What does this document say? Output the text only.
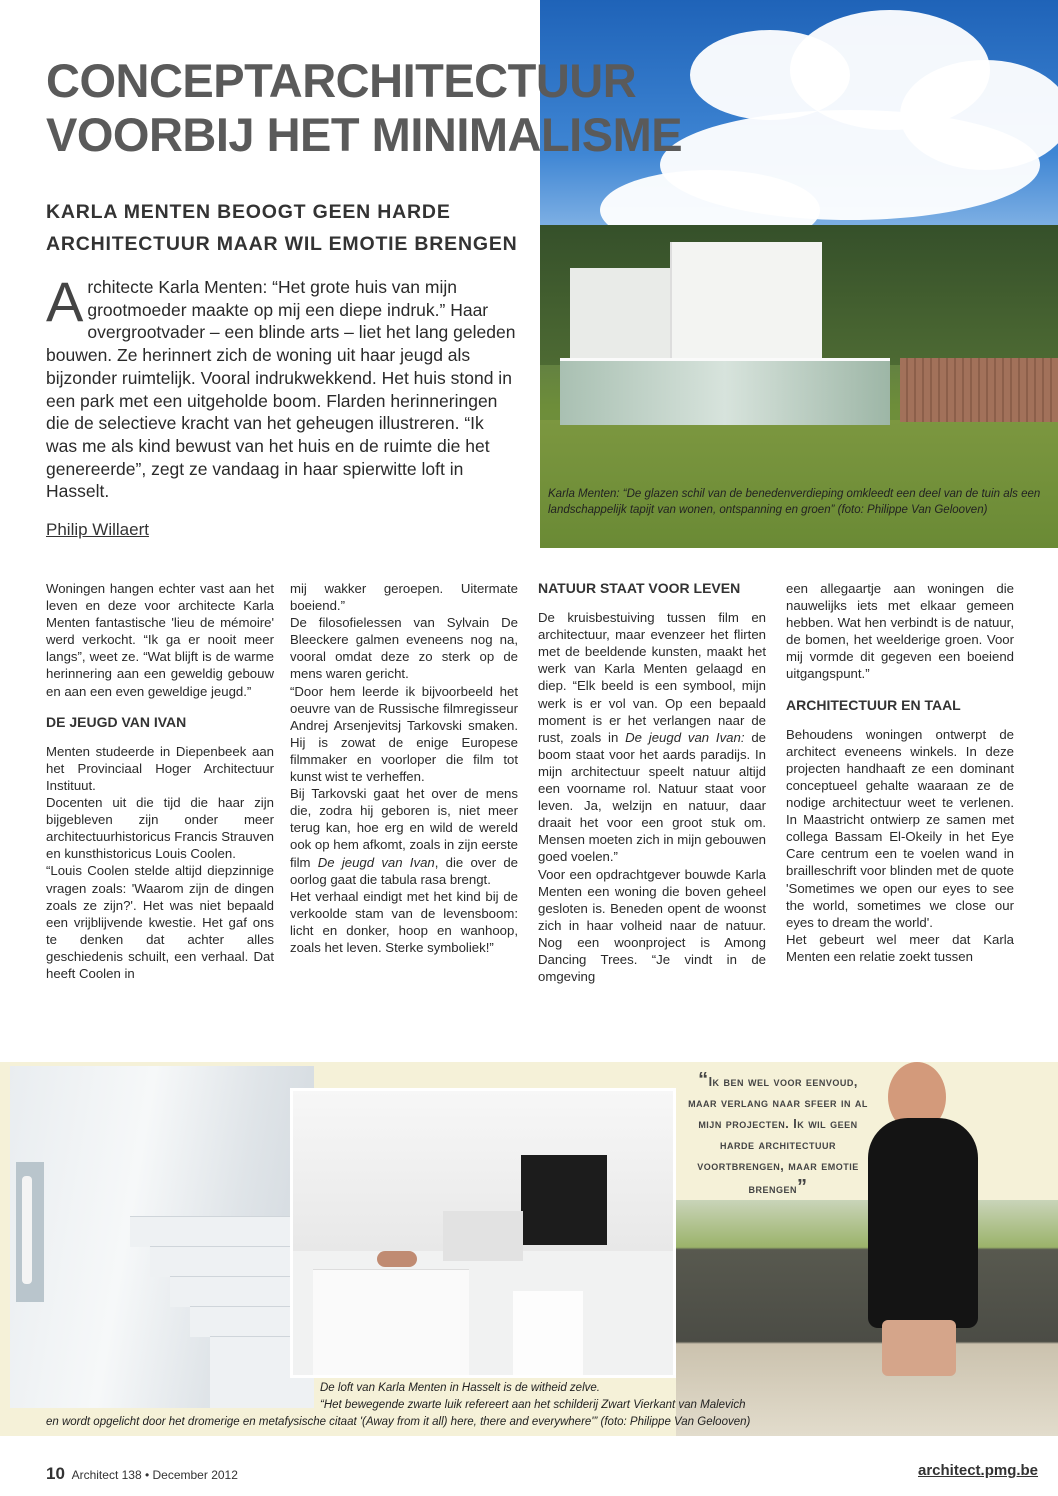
Karla Menten: “De glazen schil van de benedenverdieping omkleedt een deel van de tuin als een landschappelijk tapijt van wonen, ontspanning en groen” (foto: Philippe Van Gelooven)
CONCEPTARCHITECTUUR
VOORBIJ HET MINIMALISME
KARLA MENTEN BEOOGT GEEN HARDE
ARCHITECTUUR MAAR WIL EMOTIE BRENGEN

Architecte Karla Menten: “Het grote huis van mijn grootmoeder maakte op mij een diepe indruk.” Haar overgrootvader – een blinde arts – liet het lang geleden bouwen. Ze herinnert zich de woning uit haar jeugd als bijzonder ruimtelijk. Vooral indrukwekkend. Het huis stond in een park met een uitgeholde boom. Flarden herinneringen die de selectieve kracht van het geheugen illustreren. “Ik was me als kind bewust van het huis en de ruimte die het genereerde”, zegt ze vandaag in haar spierwitte loft in Hasselt.

Philip Willaert

Woningen hangen echter vast aan het leven en deze voor architecte Karla Menten fantastische 'lieu de mémoire' werd verkocht. “Ik ga er nooit meer langs”, weet ze. “Wat blijft is de warme herinnering aan een geweldig gebouw en aan een even geweldige jeugd.”

DE JEUGD VAN IVAN

Menten studeerde in Diepenbeek aan het Provinciaal Hoger Architectuur Instituut.

Docenten uit die tijd die haar zijn bijgebleven zijn onder meer architectuurhistoricus Francis Strauven en kunsthistoricus Louis Coolen.

“Louis Coolen stelde altijd diepzinnige vragen zoals: 'Waarom zijn de dingen zoals ze zijn?'. Het was niet bepaald een vrijblijvende kwestie. Het gaf ons te denken dat achter alles geschiedenis schuilt, een verhaal. Dat heeft Coolen in

mij wakker geroepen. Uitermate boeiend.”

De filosofielessen van Sylvain De Bleeckere galmen eveneens nog na, vooral omdat deze zo sterk op de mens waren gericht.

“Door hem leerde ik bijvoorbeeld het oeuvre van de Russische filmregisseur Andrej Arsenjevitsj Tarkovski smaken. Hij is zowat de enige Europese filmmaker en voorloper die film tot kunst wist te verheffen.

Bij Tarkovski gaat het over de mens die, zodra hij geboren is, niet meer terug kan, hoe erg en wild de wereld ook op hem afkomt, zoals in zijn eerste film De jeugd van Ivan, die over de oorlog gaat die tabula rasa brengt.

Het verhaal eindigt met het kind bij de verkoolde stam van de levensboom: licht en donker, hoop en wanhoop, zoals het leven. Sterke symboliek!”

NATUUR STAAT VOOR LEVEN

De kruisbestuiving tussen film en architectuur, maar evenzeer het flirten met de beeldende kunsten, maakt het werk van Karla Menten gelaagd en diep. “Elk beeld is een symbool, mijn werk is er vol van. Op een bepaald moment is er het verlangen naar de rust, zoals in De jeugd van Ivan: de boom staat voor het aards paradijs. In mijn architectuur speelt natuur altijd een voorname rol. Natuur staat voor leven. Ja, welzijn en natuur, daar draait het voor een groot stuk om. Mensen moeten zich in mijn gebouwen goed voelen.”

Voor een opdrachtgever bouwde Karla Menten een woning die boven geheel gesloten is. Beneden opent de woonst zich in haar volheid naar de natuur. Nog een woonproject is Among Dancing Trees. “Je vindt in de omgeving

een allegaartje aan woningen die nauwelijks iets met elkaar gemeen hebben. Wat hen verbindt is de natuur, de bomen, het weelderige groen. Voor mij vormde dit gegeven een boeiend uitgangspunt.”

ARCHITECTUUR EN TAAL

Behoudens woningen ontwerpt de architect eveneens winkels. In deze projecten handhaaft ze een dominant conceptueel gehalte waaraan ze de nodige architectuur weet te verlenen. In Maastricht ontwierp ze samen met collega Bassam El-Okeily in het Eye Care centrum een te voelen wand in brailleschrift voor blinden met de quote 'Sometimes we open our eyes to see the world, sometimes we close our eyes to dream the world'.

Het gebeurt wel meer dat Karla Menten een relatie zoekt tussen

“Ik ben wel voor eenvoud, maar verlang naar sfeer in al mijn projecten. Ik wil geen harde architectuur voortbrengen, maar emotie brengen”

De loft van Karla Menten in Hasselt is de witheid zelve.
“Het bewegende zwarte luik refereert aan het schilderij Zwart Vierkant van Malevich
en wordt opgelicht door het dromerige en metafysische citaat '(Away from it all) here, there and everywhere'” (foto: Philippe Van Gelooven)
10 Architect 138 • December 2012	architect.pmg.be
